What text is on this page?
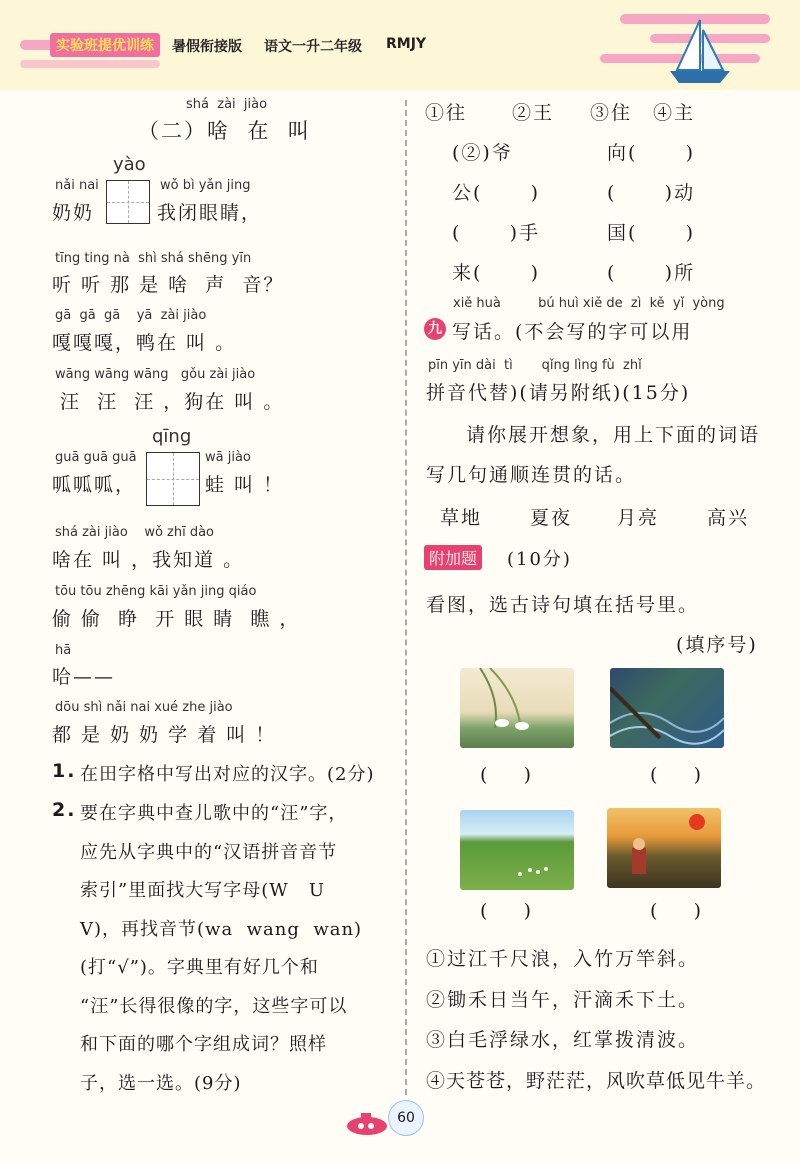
实验班提优训练	暑假衔接版 语文一升二年级 RMJY
shá  zài  jiào
（二）啥  在  叫
nǎi nai
奶奶
yào
wǒ bì yǎn jing
我闭眼睛，
tīng ting nà  shì shá shēng yīn
听 听 那 是 啥  声  音？
gā  gā  gā    yā  zài jiào
嘎嘎嘎，鸭在 叫 。
wāng wāng wāng   gǒu zài jiào
汪  汪  汪 ，狗在 叫 。
guā guā guā
呱呱呱，
qīng
wā jiào
蛙 叫 ！
shá zài jiào    wǒ zhī dào
啥在 叫 ，我知道 。
tōu tōu zhēng kāi yǎn jing qiáo
偷 偷  睁  开 眼 睛  瞧 ，
hā
哈——
dōu shì nǎi nai xué zhe jiào
都 是 奶 奶 学 着 叫 ！
1. 在田字格中写出对应的汉字。(2分)
2. 要在字典中查儿歌中的“汪”字，
应先从字典中的“汉语拼音音节
索引”里面找大写字母(W   U
V)，再找音节(wa  wang  wan)
(打“√”)。字典里有好几个和
“汪”长得很像的字，这些字可以
和下面的哪个字组成词？照样
子，选一选。(9分)
①往 ②王 ③住 ④主
(②)爷	向(      )
公(      )	(      )动
(      )手	国(      )
来(      )	(      )所
xiě huà         bú huì xiě de  zì  kě  yǐ  yòng
九 写话。(不会写的字可以用
pīn yīn dài  tì       qǐng lìng fù  zhǐ
拼音代替)(请另附纸)(15分)
请你展开想象，用上下面的词语
写几句通顺连贯的话。
草地	夏夜 月亮	高兴
附加题 (10分)
看图，选古诗句填在括号里。
(填序号)
(      )	(      )
(      )	(      )
①过江千尺浪，入竹万竿斜。
②锄禾日当午，汗滴禾下土。
③白毛浮绿水，红掌拨清波。
④天苍苍，野茫茫，风吹草低见牛羊。
60
